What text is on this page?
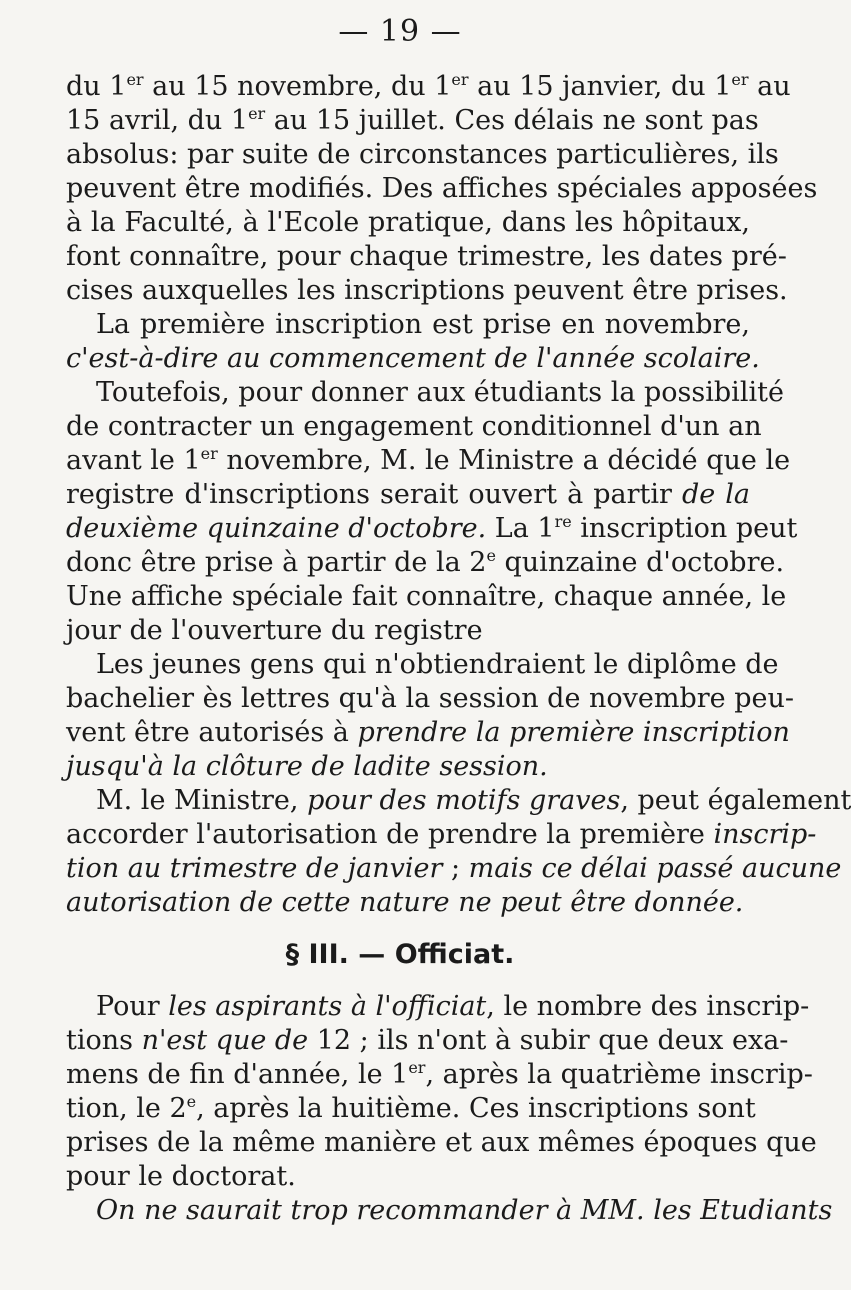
— 19 —
du 1er au 15 novembre, du 1er au 15 janvier, du 1er au
15 avril, du 1er au 15 juillet. Ces délais ne sont pas
absolus: par suite de circonstances particulières, ils
peuvent être modifiés. Des affiches spéciales apposées
à la Faculté, à l'Ecole pratique, dans les hôpitaux,
font connaître, pour chaque trimestre, les dates pré-
cises auxquelles les inscriptions peuvent être prises.
La première inscription est prise en novembre,
c'est-à-dire au commencement de l'année scolaire.
Toutefois, pour donner aux étudiants la possibilité
de contracter un engagement conditionnel d'un an
avant le 1er novembre, M. le Ministre a décidé que le
registre d'inscriptions serait ouvert à partir de la
deuxième quinzaine d'octobre. La 1re inscription peut
donc être prise à partir de la 2e quinzaine d'octobre.
Une affiche spéciale fait connaître, chaque année, le
jour de l'ouverture du registre
Les jeunes gens qui n'obtiendraient le diplôme de
bachelier ès lettres qu'à la session de novembre peu-
vent être autorisés à prendre la première inscription
jusqu'à la clôture de ladite session.
M. le Ministre, pour des motifs graves, peut également
accorder l'autorisation de prendre la première inscrip-
tion au trimestre de janvier ; mais ce délai passé aucune
autorisation de cette nature ne peut être donnée.
§ III. — Officiat.
Pour les aspirants à l'officiat, le nombre des inscrip-
tions n'est que de 12 ; ils n'ont à subir que deux exa-
mens de fin d'année, le 1er, après la quatrième inscrip-
tion, le 2e, après la huitième. Ces inscriptions sont
prises de la même manière et aux mêmes époques que
pour le doctorat.
On ne saurait trop recommander à MM. les Etudiants
